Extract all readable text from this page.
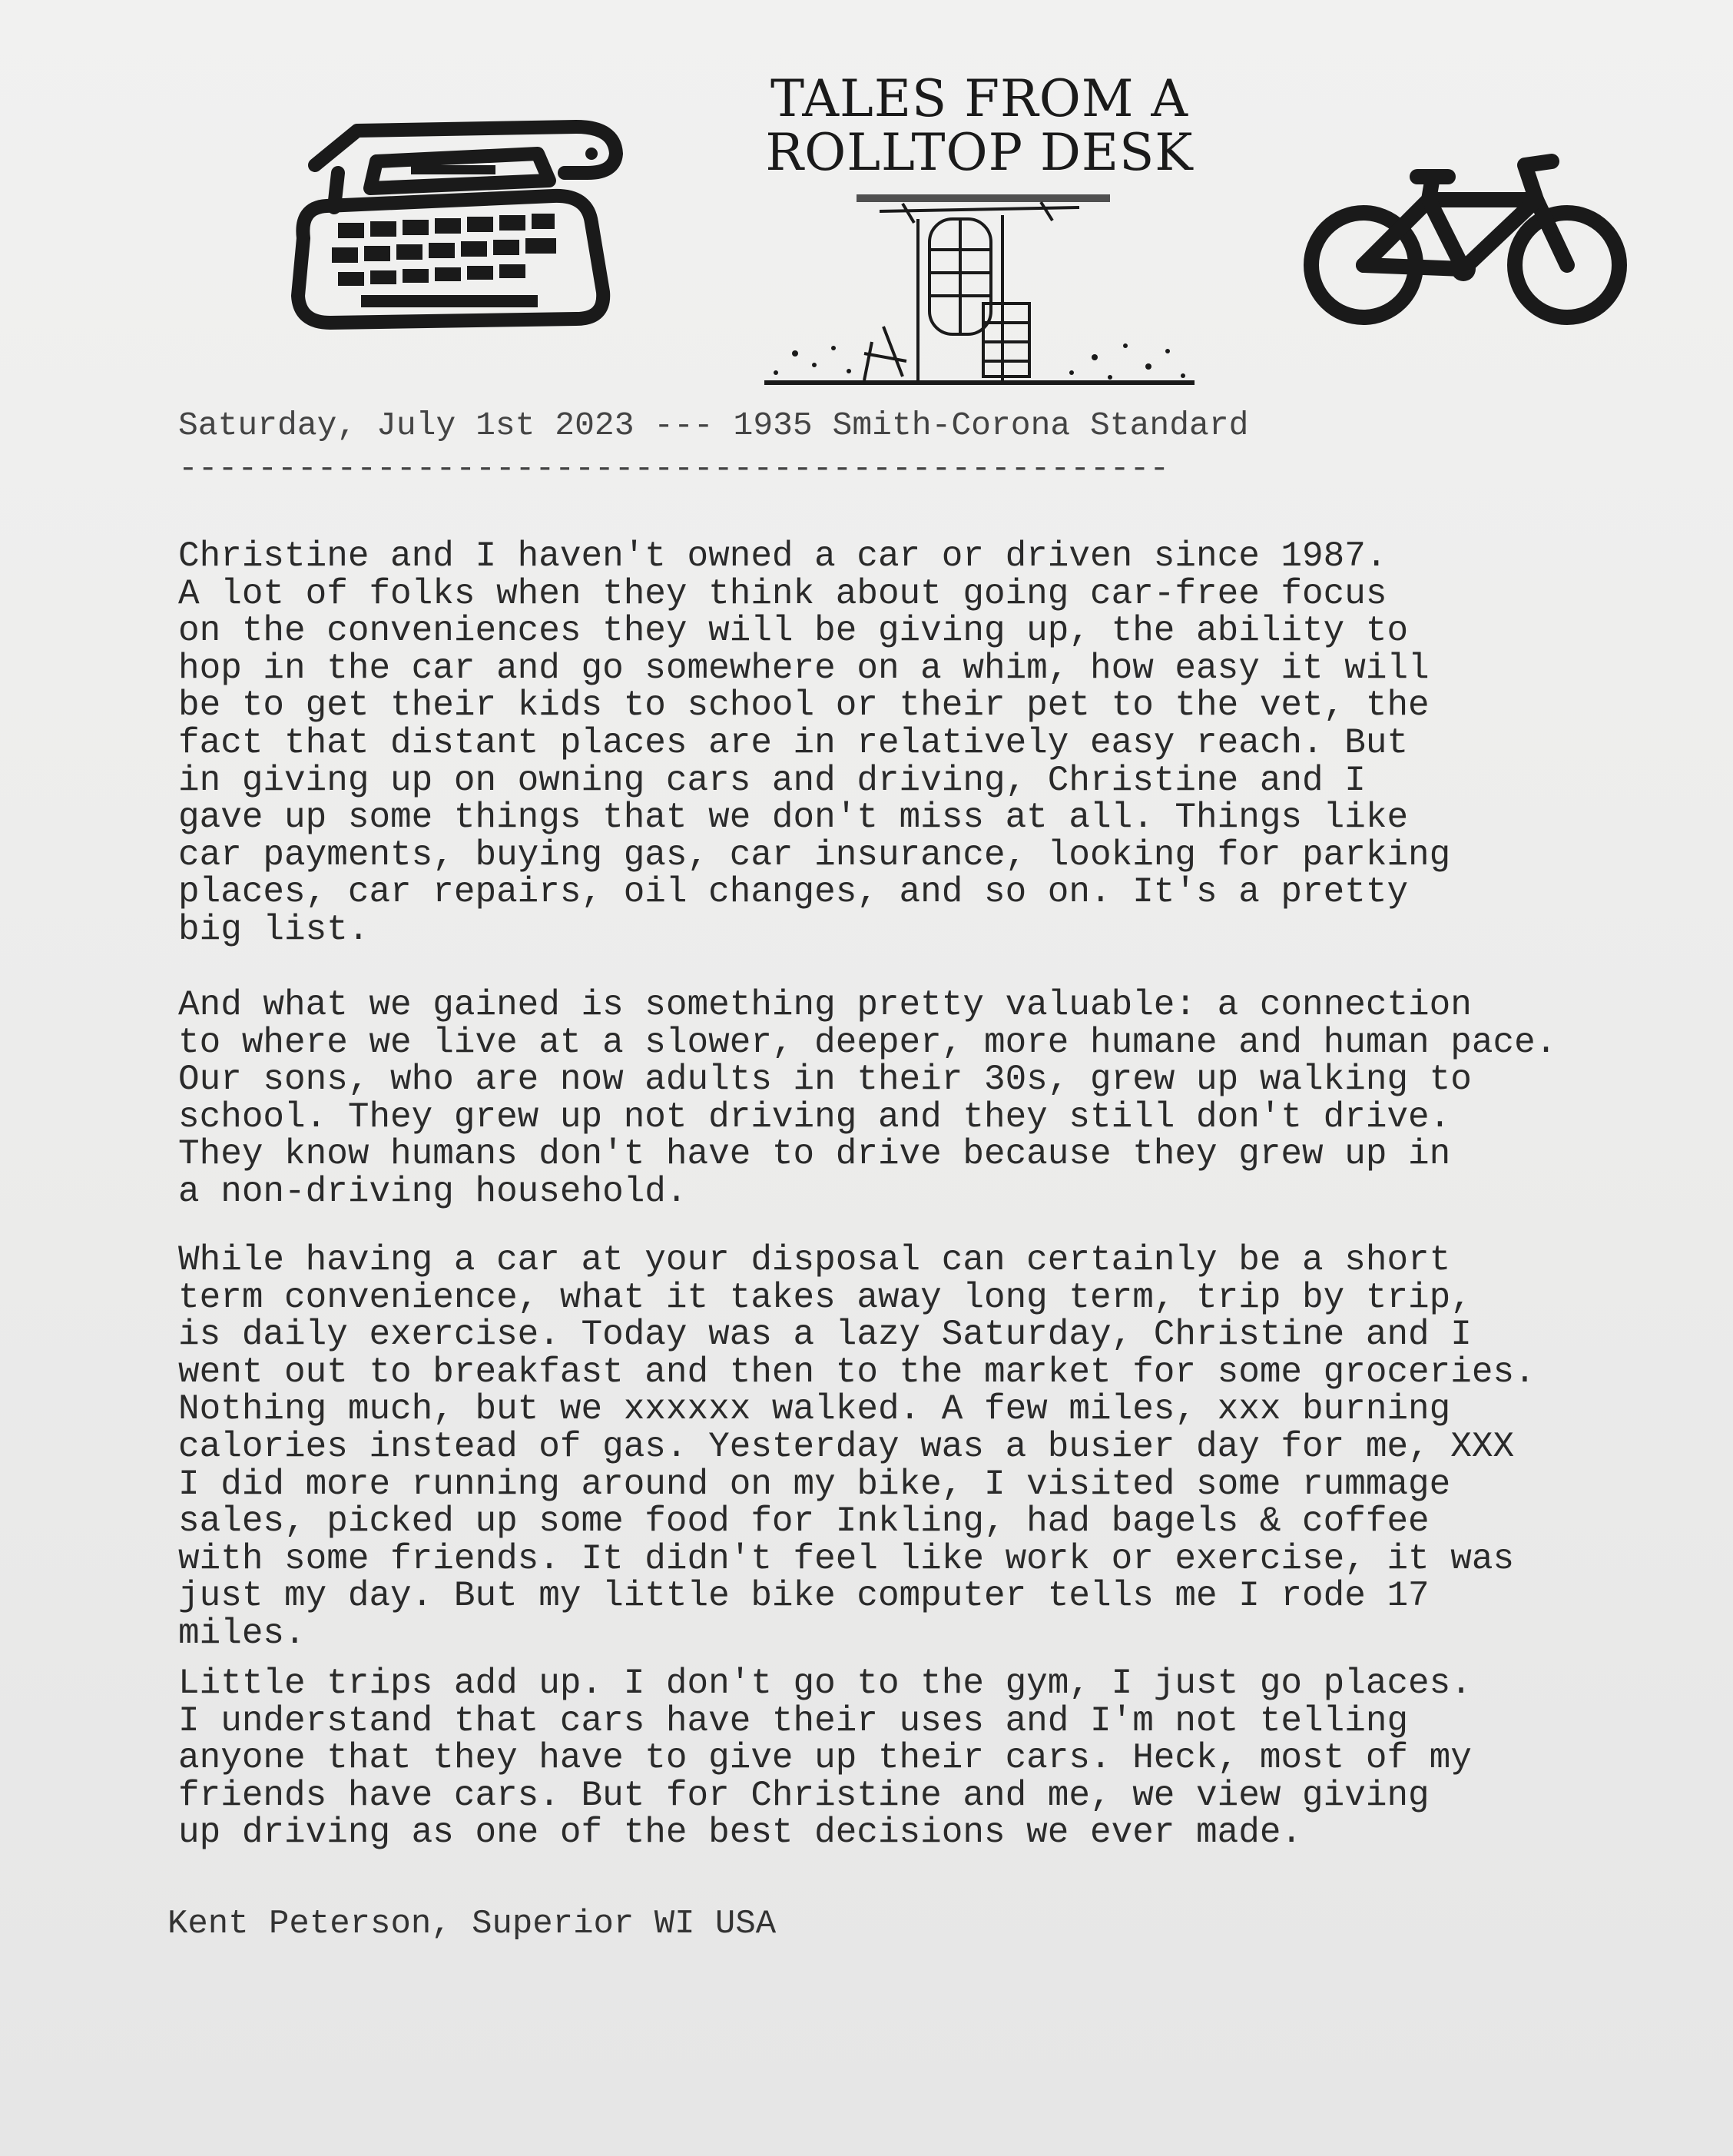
TALES FROM A
ROLLTOP DESK
Saturday, July 1st 2023 --- 1935 Smith-Corona Standard
--------------------------------------------------
Christine and I haven't owned a car or driven since 1987.
A lot of folks when they think about going car-free focus
on the conveniences they will be giving up, the ability to
hop in the car and go somewhere on a whim, how easy it will
be to get their kids to school or their pet to the vet, the
fact that distant places are in relatively easy reach. But
in giving up on owning cars and driving, Christine and I
gave up some things that we don't miss at all. Things like
car payments, buying gas, car insurance, looking for parking
places, car repairs, oil changes, and so on. It's a pretty
big list.
And what we gained is something pretty valuable: a connection
to where we live at a slower, deeper, more humane and human pace.
Our sons, who are now adults in their 30s, grew up walking to
school. They grew up not driving and they still don't drive.
They know humans don't have to drive because they grew up in
a non-driving household.
While having a car at your disposal can certainly be a short
term convenience, what it takes away long term, trip by trip,
is daily exercise. Today was a lazy Saturday, Christine and I
went out to breakfast and then to the market for some groceries.
Nothing much, but we xxxxxx walked. A few miles, xxx burning
calories instead of gas. Yesterday was a busier day for me, XXX
I did more running around on my bike, I visited some rummage
sales, picked up some food for Inkling, had bagels & coffee
with some friends. It didn't feel like work or exercise, it was
just my day. But my little bike computer tells me I rode 17
miles.
Little trips add up. I don't go to the gym, I just go places.
I understand that cars have their uses and I'm not telling
anyone that they have to give up their cars. Heck, most of my
friends have cars. But for Christine and me, we view giving
up driving as one of the best decisions we ever made.
Kent Peterson, Superior WI USA
